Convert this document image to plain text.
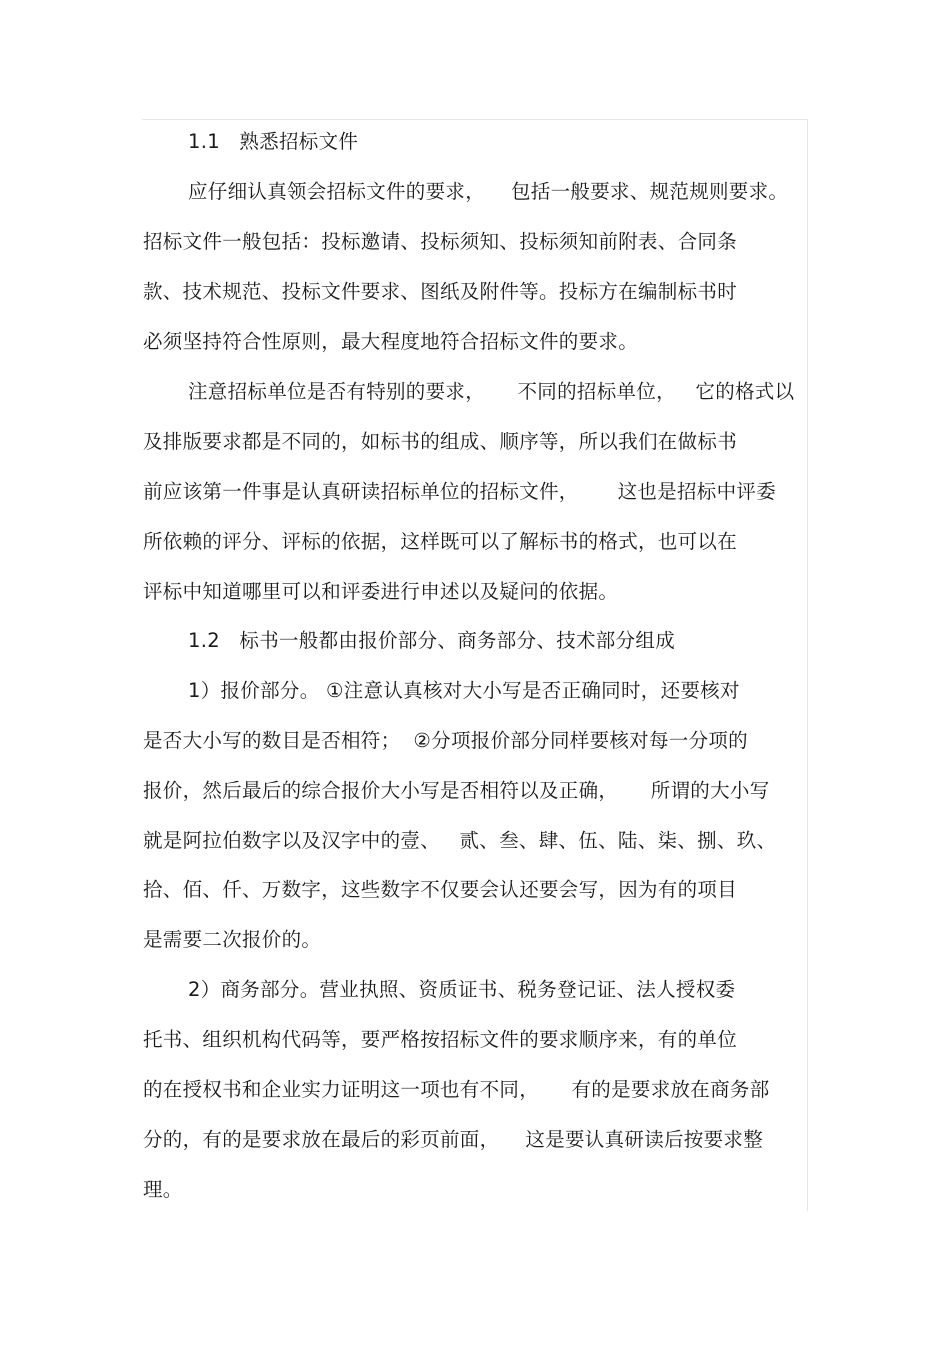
1.1   熟悉招标文件
应仔细认真领会招标文件的要求，    包括一般要求、规范规则要求。
招标文件一般包括：投标邀请、投标须知、投标须知前附表、合同条
款、技术规范、投标文件要求、图纸及附件等。投标方在编制标书时
必须坚持符合性原则，最大程度地符合招标文件的要求。
注意招标单位是否有特别的要求，     不同的招标单位，   它的格式以
及排版要求都是不同的，如标书的组成、顺序等，所以我们在做标书
前应该第一件事是认真研读招标单位的招标文件，      这也是招标中评委
所依赖的评分、评标的依据，这样既可以了解标书的格式，也可以在
评标中知道哪里可以和评委进行申述以及疑问的依据。
1.2   标书一般都由报价部分、商务部分、技术部分组成
1）报价部分。 ①注意认真核对大小写是否正确同时，还要核对
是否大小写的数目是否相符；  ②分项报价部分同样要核对每一分项的
报价，然后最后的综合报价大小写是否相符以及正确，     所谓的大小写
就是阿拉伯数字以及汉字中的壹、   贰、叁、肆、伍、陆、柒、捌、玖、
拾、佰、仟、万数字，这些数字不仅要会认还要会写，因为有的项目
是需要二次报价的。
2）商务部分。营业执照、资质证书、税务登记证、法人授权委
托书、组织机构代码等，要严格按招标文件的要求顺序来，有的单位
的在授权书和企业实力证明这一项也有不同，     有的是要求放在商务部
分的，有的是要求放在最后的彩页前面，    这是要认真研读后按要求整
理。
